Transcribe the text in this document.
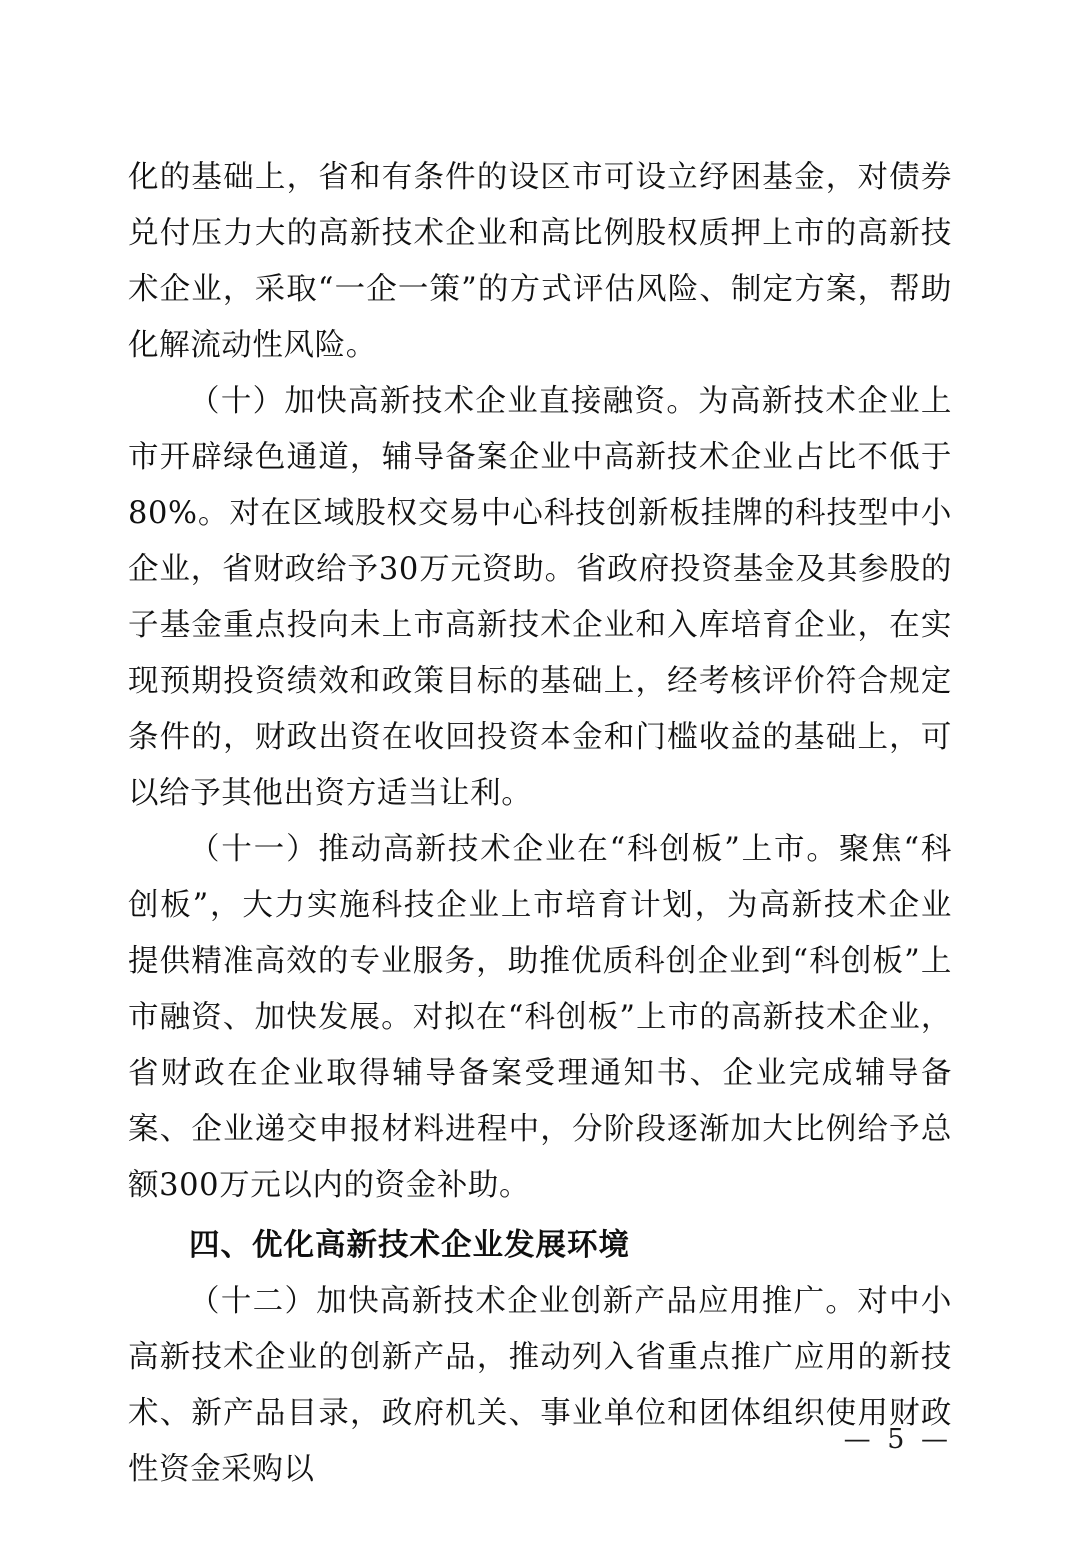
化的基础上，省和有条件的设区市可设立纾困基金，对债券兑付压力大的高新技术企业和高比例股权质押上市的高新技术企业，采取“一企一策”的方式评估风险、制定方案，帮助化解流动性风险。

（十）加快高新技术企业直接融资。为高新技术企业上市开辟绿色通道，辅导备案企业中高新技术企业占比不低于80%。对在区域股权交易中心科技创新板挂牌的科技型中小企业，省财政给予30万元资助。省政府投资基金及其参股的子基金重点投向未上市高新技术企业和入库培育企业，在实现预期投资绩效和政策目标的基础上，经考核评价符合规定条件的，财政出资在收回投资本金和门槛收益的基础上，可以给予其他出资方适当让利。

（十一）推动高新技术企业在“科创板”上市。聚焦“科创板”，大力实施科技企业上市培育计划，为高新技术企业提供精准高效的专业服务，助推优质科创企业到“科创板”上市融资、加快发展。对拟在“科创板”上市的高新技术企业，省财政在企业取得辅导备案受理通知书、企业完成辅导备案、企业递交申报材料进程中，分阶段逐渐加大比例给予总额300万元以内的资金补助。

四、优化高新技术企业发展环境

（十二）加快高新技术企业创新产品应用推广。对中小高新技术企业的创新产品，推动列入省重点推广应用的新技术、新产品目录，政府机关、事业单位和团体组织使用财政性资金采购以

— 5 —
